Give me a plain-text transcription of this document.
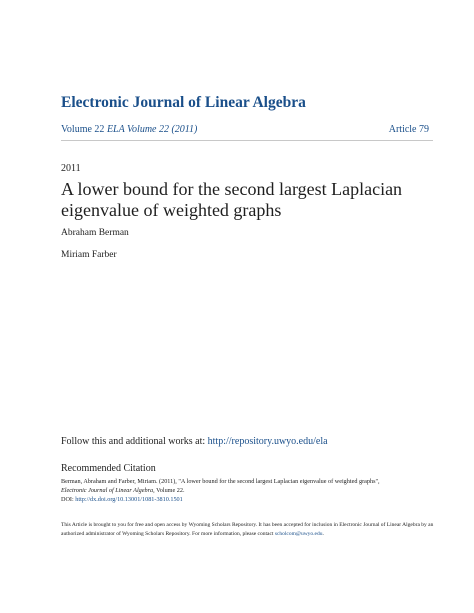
Electronic Journal of Linear Algebra
Volume 22 ELA Volume 22 (2011)	Article 79
2011
A lower bound for the second largest Laplacian eigenvalue of weighted graphs
Abraham Berman
Miriam Farber
Follow this and additional works at: http://repository.uwyo.edu/ela
Recommended Citation
Berman, Abraham and Farber, Miriam. (2011), "A lower bound for the second largest Laplacian eigenvalue of weighted graphs",
Electronic Journal of Linear Algebra, Volume 22.
DOI: http://dx.doi.org/10.13001/1081-3810.1501
This Article is brought to you for free and open access by Wyoming Scholars Repository. It has been accepted for inclusion in Electronic Journal of Linear Algebra by an authorized administrator of Wyoming Scholars Repository. For more information, please contact scholcom@uwyo.edu.
